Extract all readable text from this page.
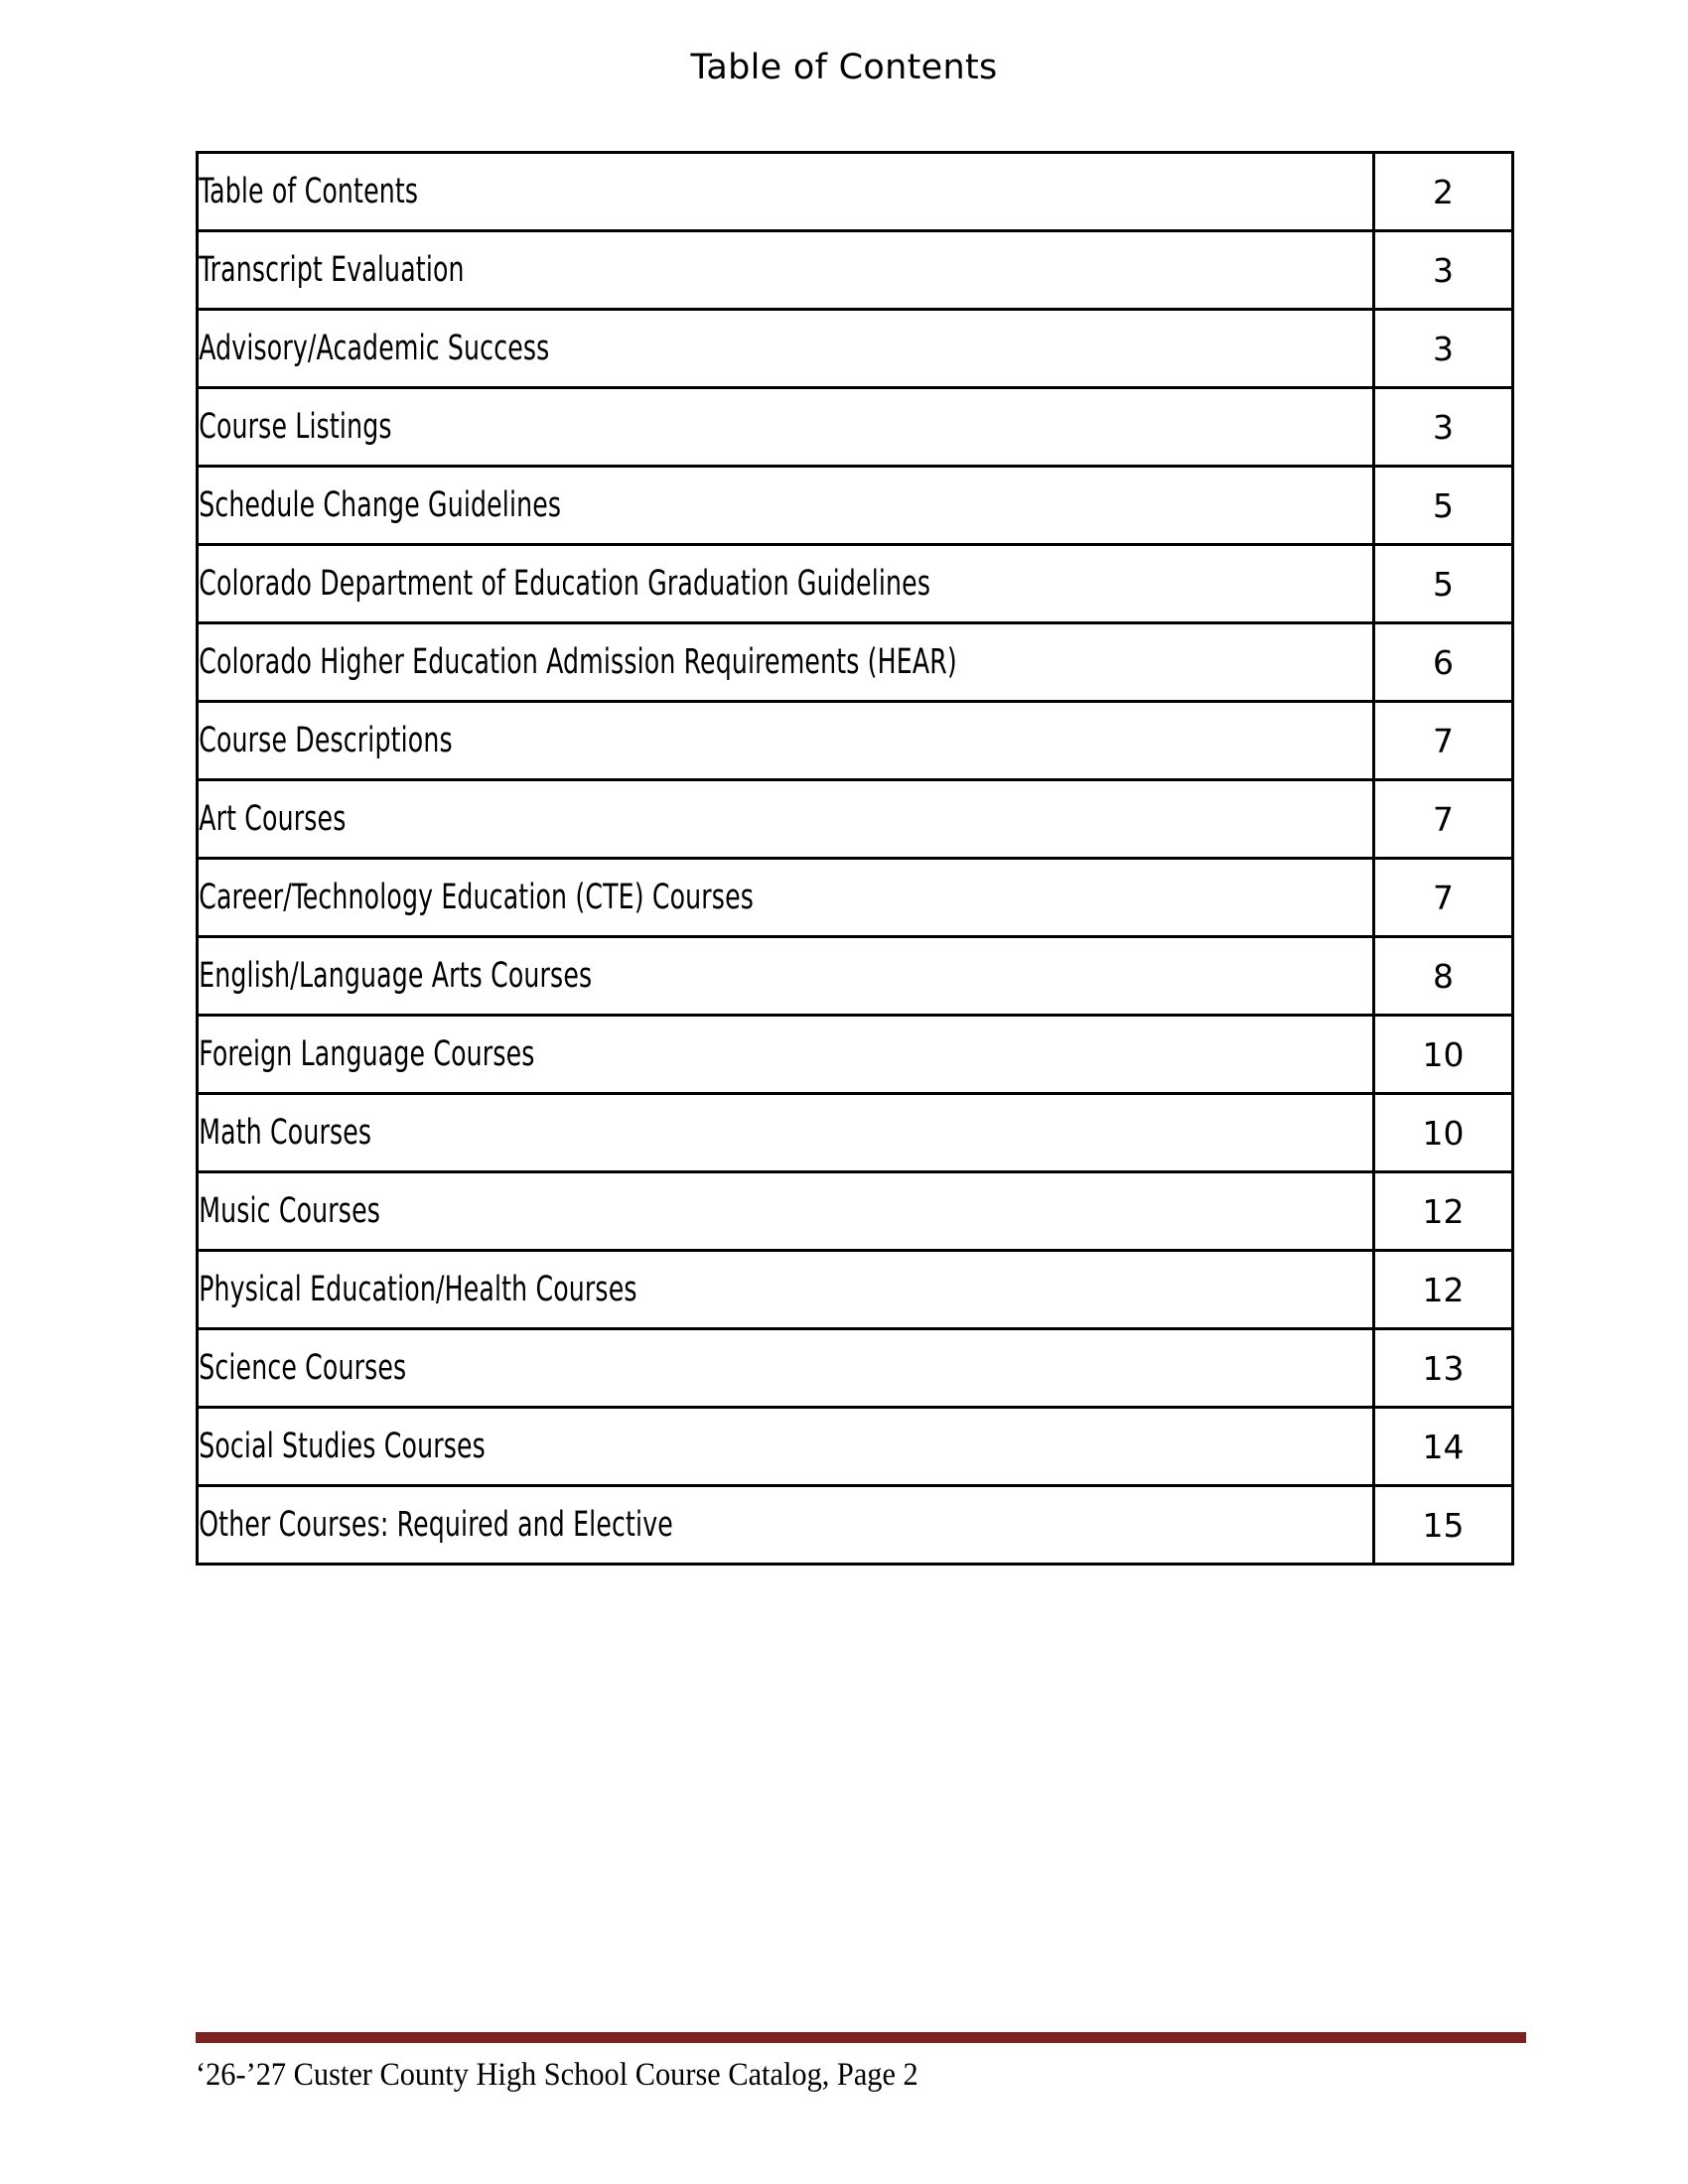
Table of Contents
Table of Contents	2
Transcript Evaluation	3
Advisory/Academic Success	3
Course Listings	3
Schedule Change Guidelines	5
Colorado Department of Education Graduation Guidelines	5
Colorado Higher Education Admission Requirements (HEAR)	6
Course Descriptions	7
Art Courses	7
Career/Technology Education (CTE) Courses	7
English/Language Arts Courses	8
Foreign Language Courses	10
Math Courses	10
Music Courses	12
Physical Education/Health Courses	12
Science Courses	13
Social Studies Courses	14
Other Courses: Required and Elective	15
‘26-’27 Custer County High School Course Catalog, Page 2
